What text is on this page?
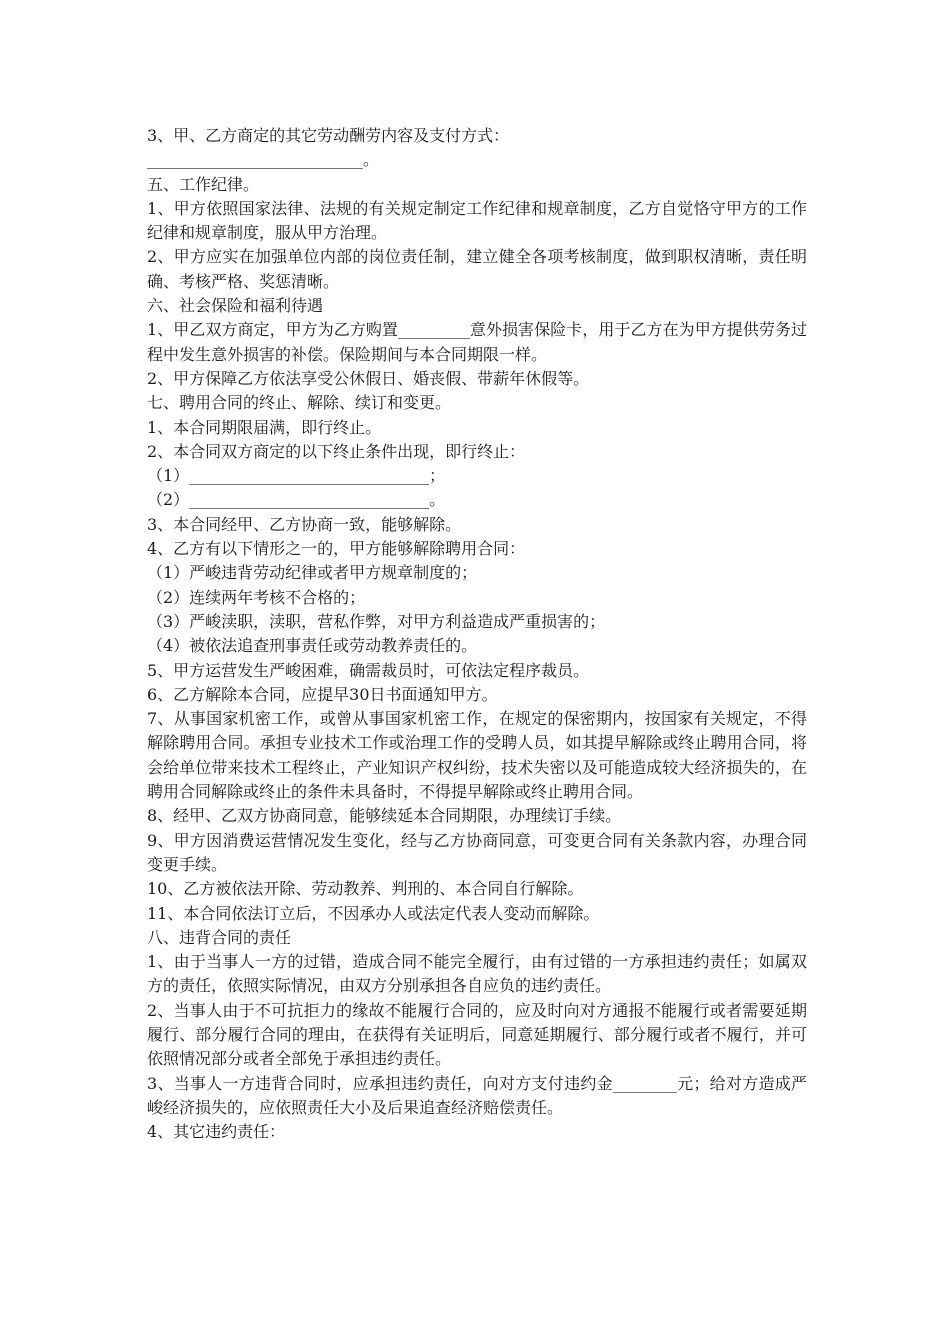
3、甲、乙方商定的其它劳动酬劳内容及支付方式：

___________________________。

五、工作纪律。

1、甲方依照国家法律、法规的有关规定制定工作纪律和规章制度，乙方自觉恪守甲方的工作纪律和规章制度，服从甲方治理。

2、甲方应实在加强单位内部的岗位责任制，建立健全各项考核制度，做到职权清晰，责任明确、考核严格、奖惩清晰。

六、社会保险和福利待遇

1、甲乙双方商定，甲方为乙方购置_________意外损害保险卡，用于乙方在为甲方提供劳务过程中发生意外损害的补偿。保险期间与本合同期限一样。

2、甲方保障乙方依法享受公休假日、婚丧假、带薪年休假等。

七、聘用合同的终止、解除、续订和变更。

1、本合同期限届满，即行终止。

2、本合同双方商定的以下终止条件出现，即行终止：

（1）______________________________；

（2）______________________________。

3、本合同经甲、乙方协商一致，能够解除。

4、乙方有以下情形之一的，甲方能够解除聘用合同：

（1）严峻违背劳动纪律或者甲方规章制度的；

（2）连续两年考核不合格的；

（3）严峻渎职，渎职，营私作弊，对甲方利益造成严重损害的；

（4）被依法追查刑事责任或劳动教养责任的。

5、甲方运营发生严峻困难，确需裁员时，可依法定程序裁员。

6、乙方解除本合同，应提早30日书面通知甲方。

7、从事国家机密工作，或曾从事国家机密工作，在规定的保密期内，按国家有关规定，不得解除聘用合同。承担专业技术工作或治理工作的受聘人员，如其提早解除或终止聘用合同，将会给单位带来技术工程终止，产业知识产权纠纷，技术失密以及可能造成较大经济损失的，在聘用合同解除或终止的条件未具备时，不得提早解除或终止聘用合同。

8、经甲、乙双方协商同意，能够续延本合同期限，办理续订手续。

9、甲方因消费运营情况发生变化，经与乙方协商同意，可变更合同有关条款内容，办理合同变更手续。

10、乙方被依法开除、劳动教养、判刑的、本合同自行解除。

11、本合同依法订立后，不因承办人或法定代表人变动而解除。

八、违背合同的责任

1、由于当事人一方的过错，造成合同不能完全履行，由有过错的一方承担违约责任；如属双方的责任，依照实际情况，由双方分别承担各自应负的违约责任。

2、当事人由于不可抗拒力的缘故不能履行合同的，应及时向对方通报不能履行或者需要延期履行、部分履行合同的理由，在获得有关证明后，同意延期履行、部分履行或者不履行，并可依照情况部分或者全部免于承担违约责任。

3、当事人一方违背合同时，应承担违约责任，向对方支付违约金________元；给对方造成严峻经济损失的，应依照责任大小及后果追查经济赔偿责任。

4、其它违约责任：
